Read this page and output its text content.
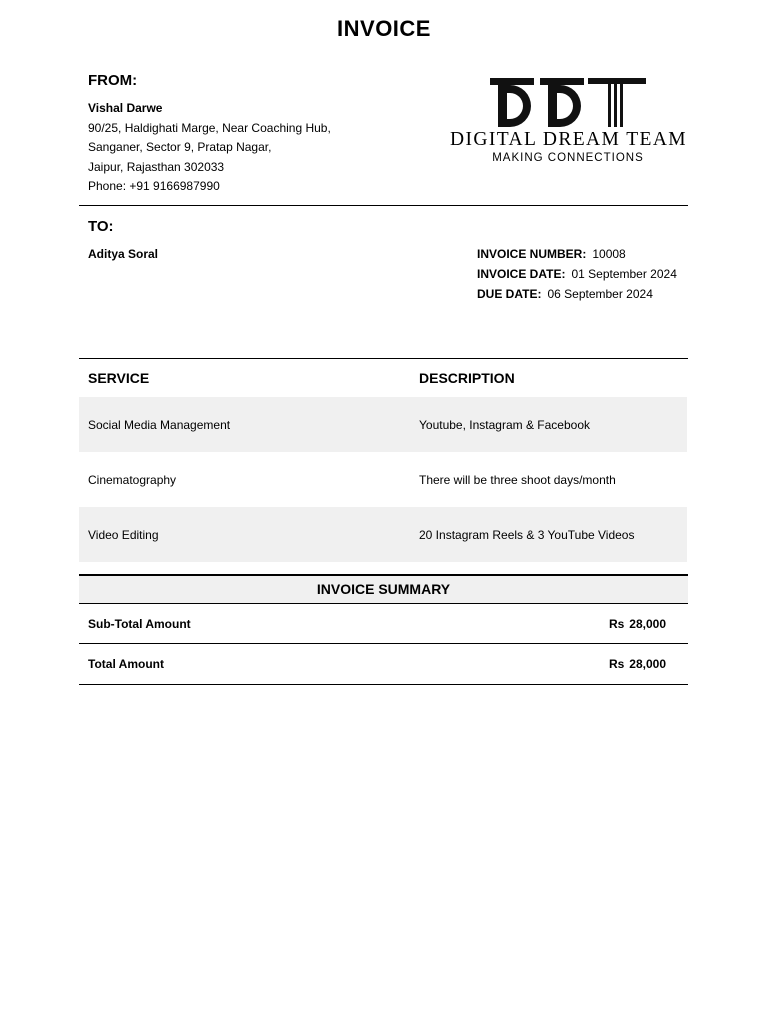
INVOICE
FROM:
Vishal Darwe
90/25, Haldighati Marge, Near Coaching Hub,
Sanganer, Sector 9, Pratap Nagar,
Jaipur, Rajasthan 302033
Phone: +91 9166987990
DIGITAL DREAM TEAM
MAKING CONNECTIONS
TO:
Aditya Soral	INVOICE NUMBER: 10008
INVOICE DATE: 01 September 2024
DUE DATE: 06 September 2024
SERVICE	DESCRIPTION
Social Media Management	Youtube, Instagram & Facebook
Cinematography	There will be three shoot days/month
Video Editing	20 Instagram Reels & 3 YouTube Videos
INVOICE SUMMARY
Sub-Total Amount	Rs 28,000
Total Amount	Rs 28,000
